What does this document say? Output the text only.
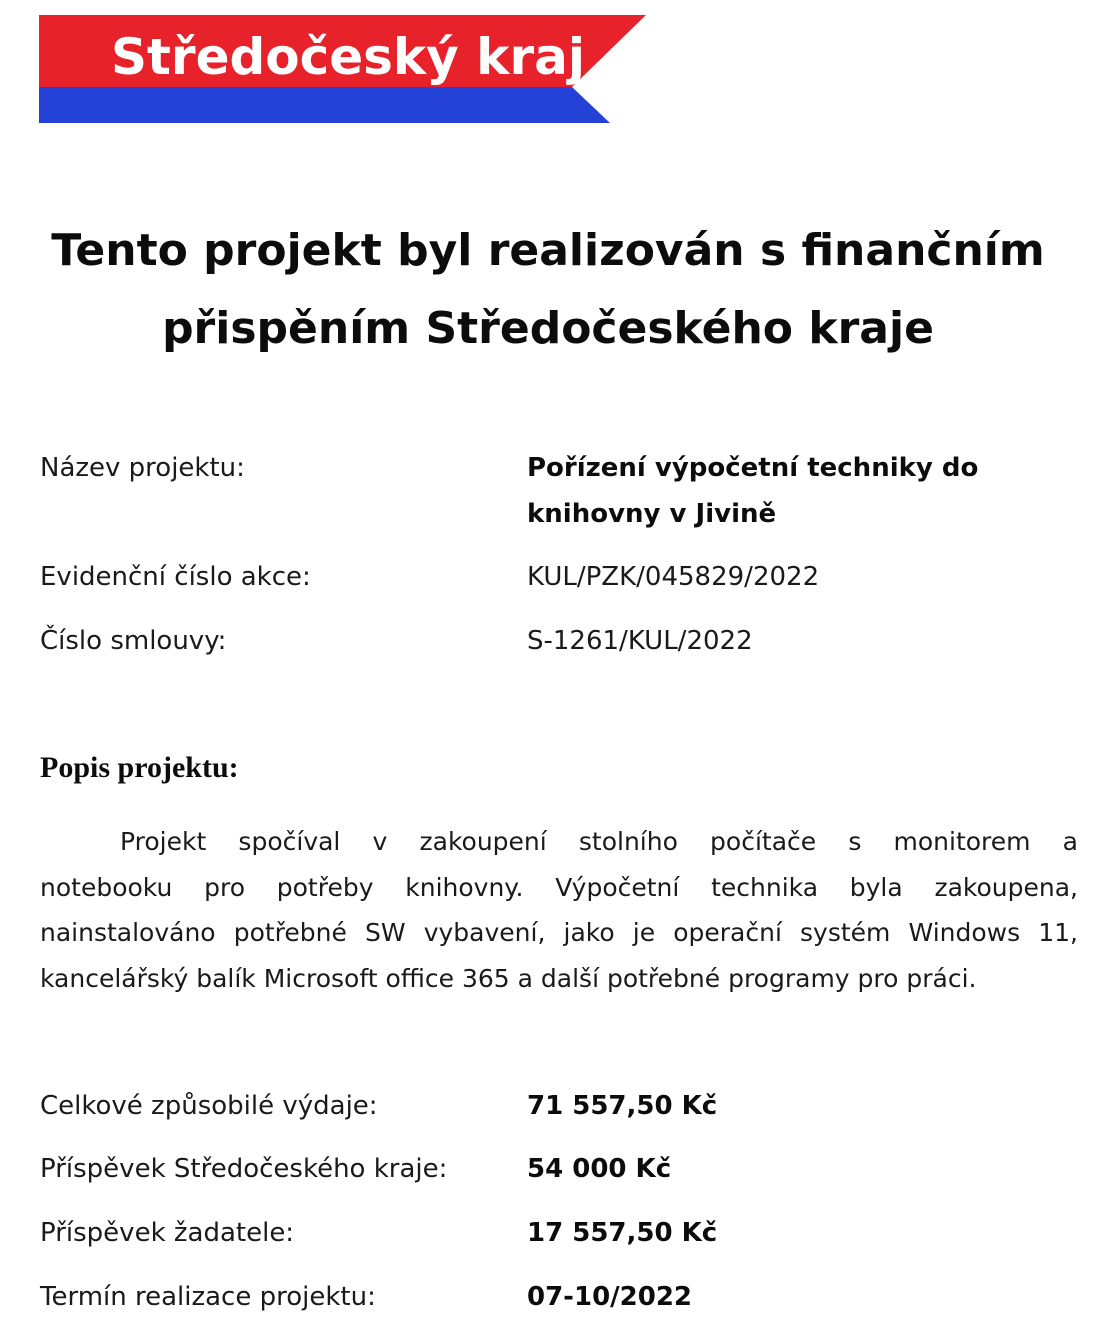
Středočeský kraj
Tento projekt byl realizován s finančním
přispěním Středočeského kraje
Název projektu:	Pořízení výpočetní techniky do
knihovny v Jivině
Evidenční číslo akce:	KUL/PZK/045829/2022
Číslo smlouvy:	S-1261/KUL/2022
Popis projektu:
Projekt spočíval v zakoupení stolního počítače s monitorem a
notebooku pro potřeby knihovny. Výpočetní technika byla zakoupena,
nainstalováno potřebné SW vybavení, jako je operační systém Windows 11,
kancelářský balík Microsoft office 365 a další potřebné programy pro práci.
Celkové způsobilé výdaje:	71 557,50 Kč
Příspěvek Středočeského kraje:	54 000 Kč
Příspěvek žadatele:	17 557,50 Kč
Termín realizace projektu:	07-10/2022
